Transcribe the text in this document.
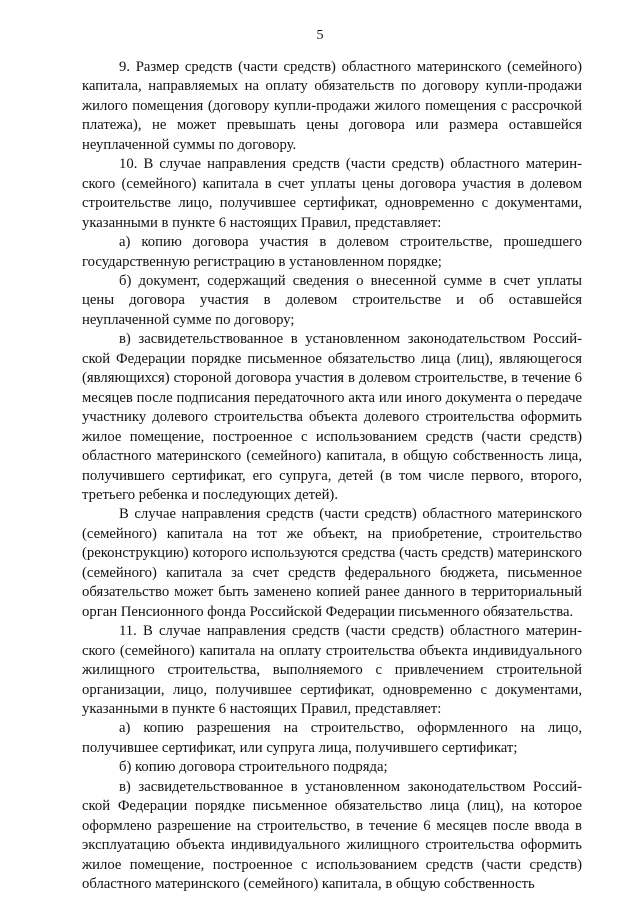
5

9. Размер средств (части средств) областного материнского (семейного) капитала, направляемых на оплату обязательств по договору купли-продажи жилого помещения (договору купли-продажи жилого помещения с рассрочкой платежа), не может превышать цены договора или размера оставшейся неуплаченной суммы по договору.

10. В случае направления средств (части средств) областного материнского (семейного) капитала в счет уплаты цены договора участия в долевом строительстве лицо, получившее сертификат, одновременно с документами, указанными в пункте 6 настоящих Правил, представляет:

а) копию договора участия в долевом строительстве, прошедшего государственную регистрацию в установленном порядке;

б) документ, содержащий сведения о внесенной сумме в счет уплаты цены договора участия в долевом строительстве и об оставшейся неуплаченной сумме по договору;

в) засвидетельствованное в установленном законодательством Российской Федерации порядке письменное обязательство лица (лиц), являющегося (являющихся) стороной договора участия в долевом строительстве, в течение 6 месяцев после подписания передаточного акта или иного документа о передаче участнику долевого строительства объекта долевого строительства оформить жилое помещение, построенное с использованием средств (части средств) областного материнского (семейного) капитала, в общую собственность лица, получившего сертификат, его супруга, детей (в том числе первого, второго, третьего ребенка и последующих детей).

В случае направления средств (части средств) областного материнского (семейного) капитала на тот же объект, на приобретение, строительство (реконструкцию) которого используются средства (часть средств) материнского (семейного) капитала за счет средств федерального бюджета, письменное обязательство может быть заменено копией ранее данного в территориальный орган Пенсионного фонда Российской Федерации письменного обязательства.

11. В случае направления средств (части средств) областного материнского (семейного) капитала на оплату строительства объекта индивидуального жилищного строительства, выполняемого с привлечением строительной организации, лицо, получившее сертификат, одновременно с документами, указанными в пункте 6 настоящих Правил, представляет:

а) копию разрешения на строительство, оформленного на лицо, получившее сертификат, или супруга лица, получившего сертификат;

б) копию договора строительного подряда;

в) засвидетельствованное в установленном законодательством Российской Федерации порядке письменное обязательство лица (лиц), на которое оформлено разрешение на строительство, в течение 6 месяцев после ввода в эксплуатацию объекта индивидуального жилищного строительства оформить жилое помещение, построенное с использованием средств (части средств) областного материнского (семейного) капитала, в общую собственность
